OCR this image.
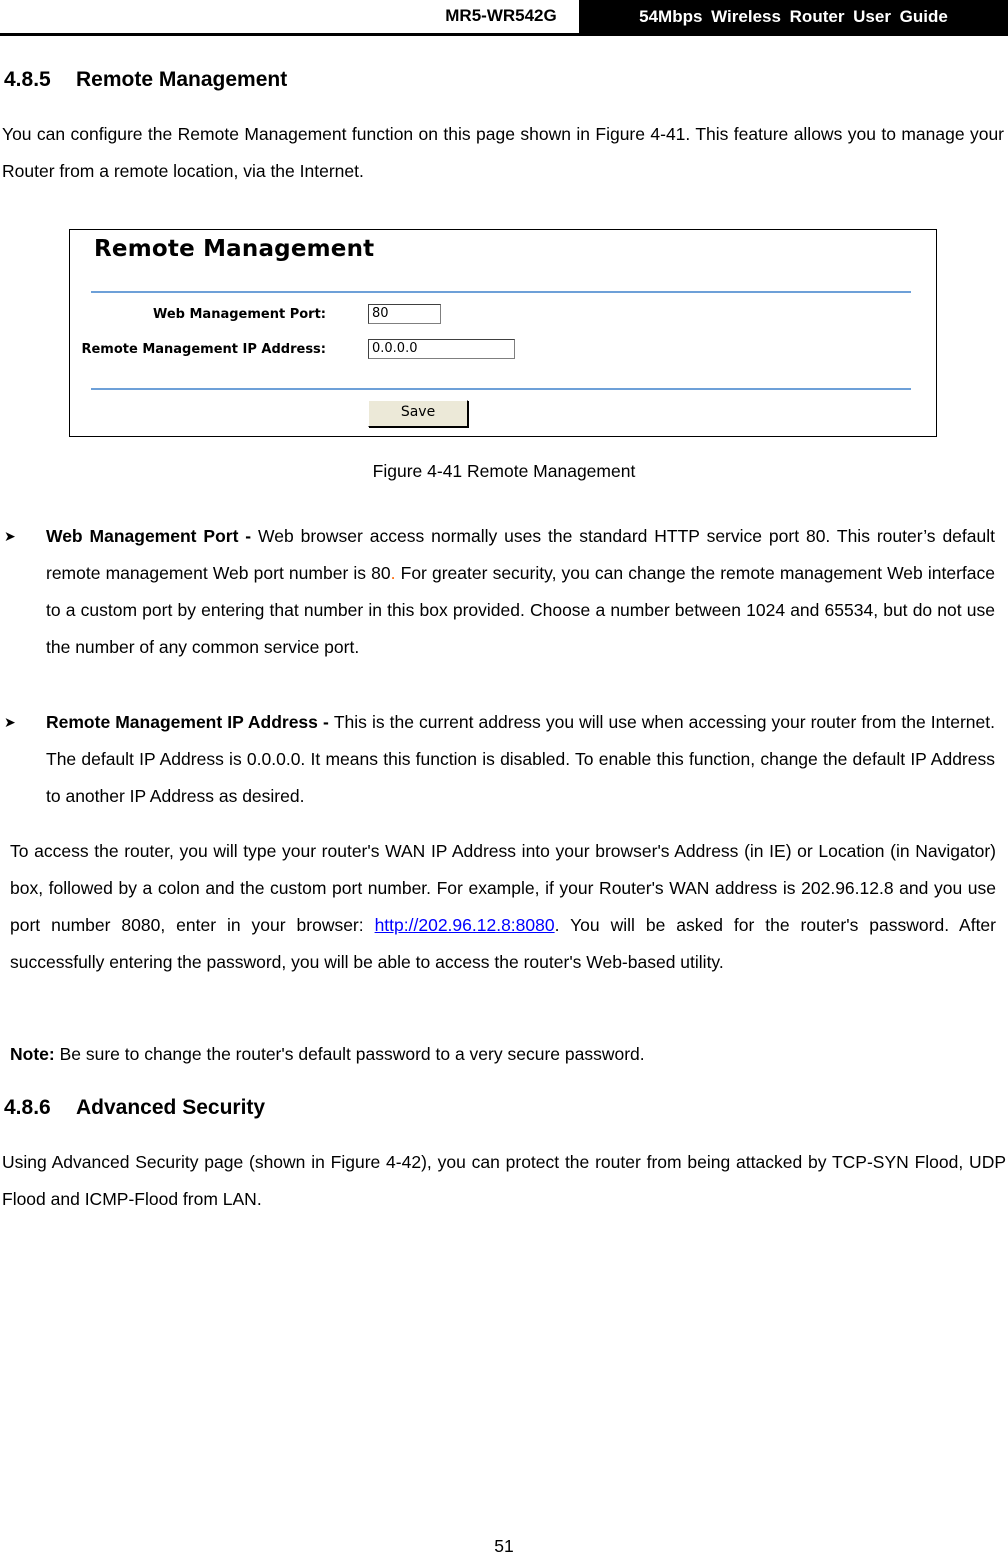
MR5-WR542G	54Mbps Wireless Router User Guide
4.8.5 Remote Management

You can configure the Remote Management function on this page shown in Figure 4-41. This feature allows you to manage your Router from a remote location, via the Internet.

Remote Management
Web Management Port:	80
Remote Management IP Address:	0.0.0.0
Save
Figure 4-41 Remote Management
➤ Web Management Port - Web browser access normally uses the standard HTTP service port 80. This router’s default remote management Web port number is 80. For greater security, you can change the remote management Web interface to a custom port by entering that number in this box provided. Choose a number between 1024 and 65534, but do not use the number of any common service port.

➤ Remote Management IP Address - This is the current address you will use when accessing your router from the Internet. The default IP Address is 0.0.0.0. It means this function is disabled. To enable this function, change the default IP Address to another IP Address as desired.

To access the router, you will type your router's WAN IP Address into your browser's Address (in IE) or Location (in Navigator) box, followed by a colon and the custom port number. For example, if your Router's WAN address is 202.96.12.8 and you use port number 8080, enter in your browser: http://202.96.12.8:8080. You will be asked for the router's password. After successfully entering the password, you will be able to access the router's Web-based utility.

Note: Be sure to change the router's default password to a very secure password.

4.8.6 Advanced Security

Using Advanced Security page (shown in Figure 4-42), you can protect the router from being attacked by TCP-SYN Flood, UDP Flood and ICMP-Flood from LAN.

51
